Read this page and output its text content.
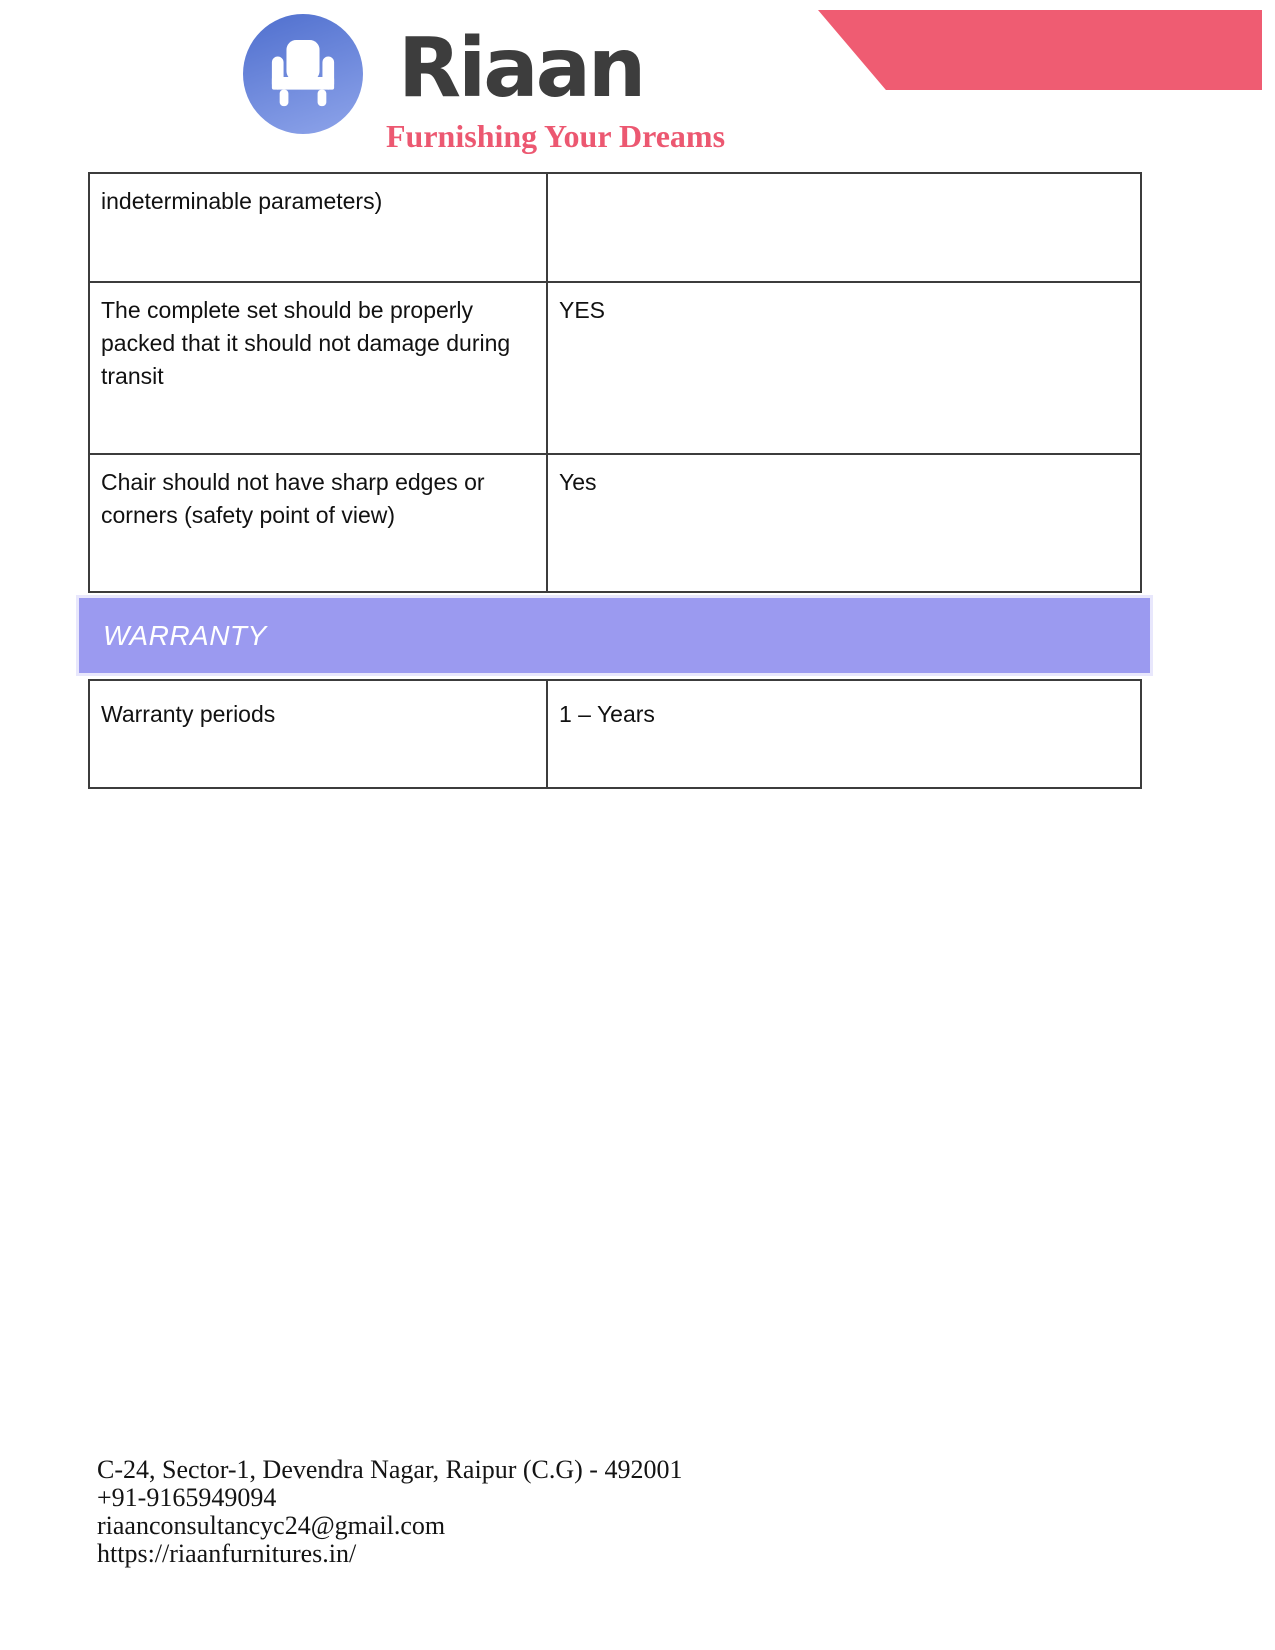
Riaan
Furnishing Your Dreams
indeterminable parameters)	
The complete set should be properly packed that it should not damage during transit	YES
Chair should not have sharp edges or corners (safety point of view)	Yes
WARRANTY
Warranty periods	1 – Years
C-24, Sector-1, Devendra Nagar, Raipur (C.G) - 492001
+91-9165949094
riaanconsultancyc24@gmail.com
https://riaanfurnitures.in/
